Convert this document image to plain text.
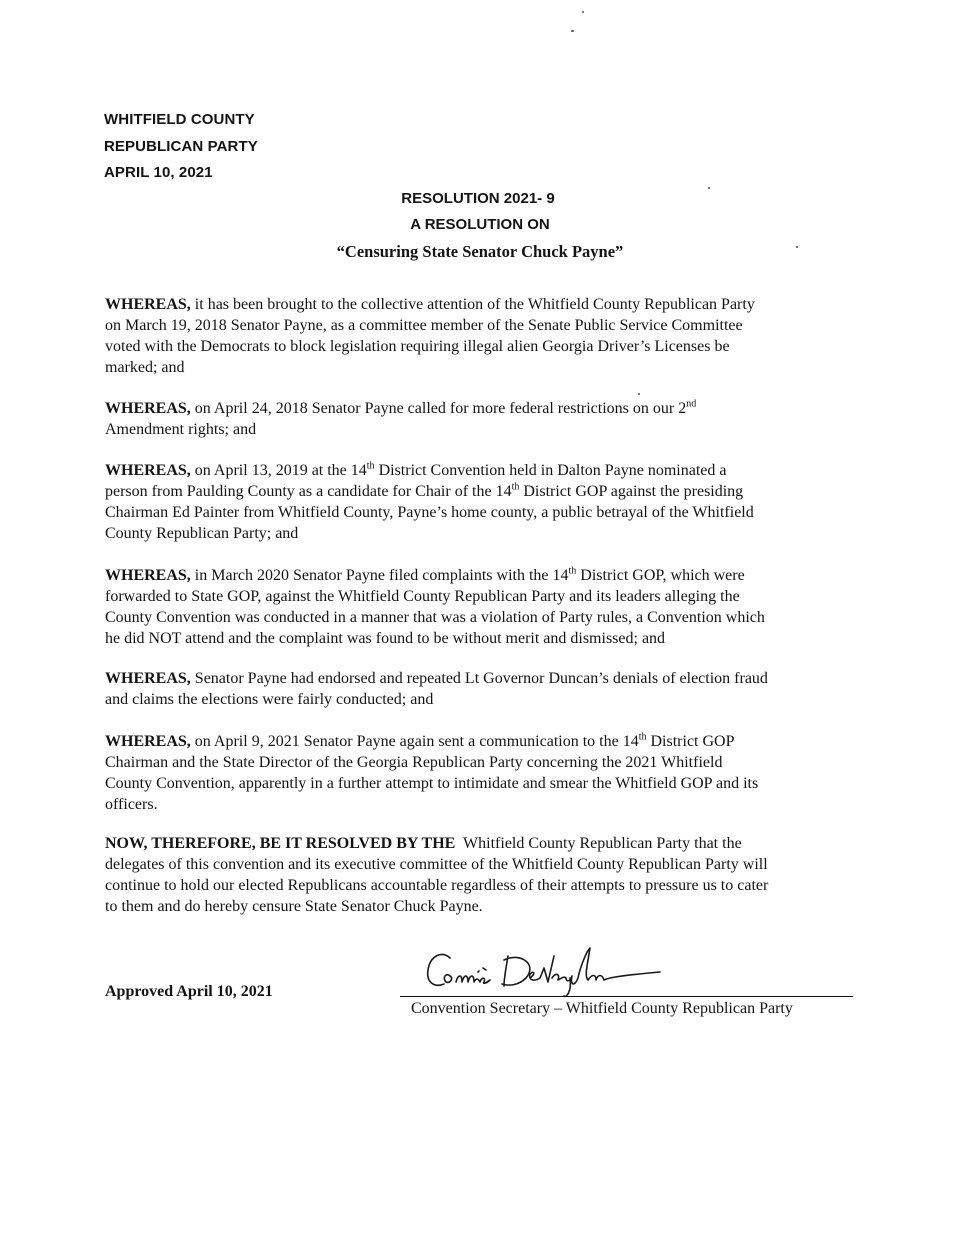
WHITFIELD COUNTY
REPUBLICAN PARTY
APRIL 10, 2021
RESOLUTION 2021- 9
A RESOLUTION ON
“Censuring State Senator Chuck Payne”
WHEREAS, it has been brought to the collective attention of the Whitfield County Republican Party
on March 19, 2018 Senator Payne, as a committee member of the Senate Public Service Committee
voted with the Democrats to block legislation requiring illegal alien Georgia Driver’s Licenses be
marked; and
WHEREAS, on April 24, 2018 Senator Payne called for more federal restrictions on our 2nd
Amendment rights; and
WHEREAS, on April 13, 2019 at the 14th District Convention held in Dalton Payne nominated a
person from Paulding County as a candidate for Chair of the 14th District GOP against the presiding
Chairman Ed Painter from Whitfield County, Payne’s home county, a public betrayal of the Whitfield
County Republican Party; and
WHEREAS, in March 2020 Senator Payne filed complaints with the 14th District GOP, which were
forwarded to State GOP, against the Whitfield County Republican Party and its leaders alleging the
County Convention was conducted in a manner that was a violation of Party rules, a Convention which
he did NOT attend and the complaint was found to be without merit and dismissed; and
WHEREAS, Senator Payne had endorsed and repeated Lt Governor Duncan’s denials of election fraud
and claims the elections were fairly conducted; and
WHEREAS, on April 9, 2021 Senator Payne again sent a communication to the 14th District GOP
Chairman and the State Director of the Georgia Republican Party concerning the 2021 Whitfield
County Convention, apparently in a further attempt to intimidate and smear the Whitfield GOP and its
officers.
NOW, THEREFORE, BE IT RESOLVED BY THE  Whitfield County Republican Party that the
delegates of this convention and its executive committee of the Whitfield County Republican Party will
continue to hold our elected Republicans accountable regardless of their attempts to pressure us to cater
to them and do hereby censure State Senator Chuck Payne.
Approved April 10, 2021
Convention Secretary – Whitfield County Republican Party
